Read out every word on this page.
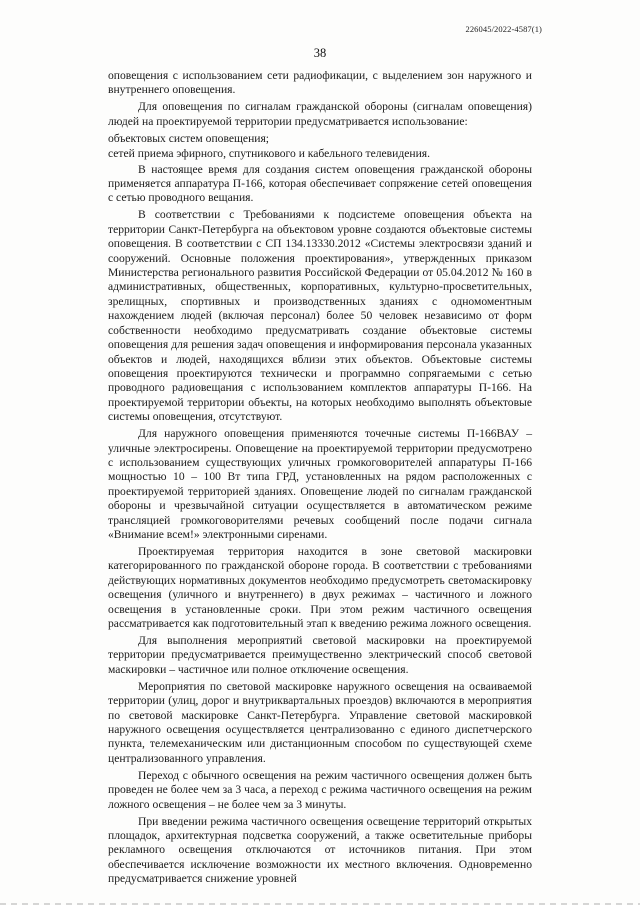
226045/2022-4587(1)
38

оповещения с использованием сети радиофикации, с выделением зон наружного и внутреннего оповещения.

Для оповещения по сигналам гражданской обороны (сигналам оповещения) людей на проектируемой территории предусматривается использование:

объектовых систем оповещения;

сетей приема эфирного, спутникового и кабельного телевидения.

В настоящее время для создания систем оповещения гражданской обороны применяется аппаратура П-166, которая обеспечивает сопряжение сетей оповещения с сетью проводного вещания.

В соответствии с Требованиями к подсистеме оповещения объекта на территории Санкт-Петербурга на объектовом уровне создаются объектовые системы оповещения. В соответствии с СП 134.13330.2012 «Системы электросвязи зданий и сооружений. Основные положения проектирования», утвержденных приказом Министерства регионального развития Российской Федерации от 05.04.2012 № 160 в административных, общественных, корпоративных, культурно-просветительных, зрелищных, спортивных и производственных зданиях с одномоментным нахождением людей (включая персонал) более 50 человек независимо от форм собственности необходимо предусматривать создание объектовые системы оповещения для решения задач оповещения и информирования персонала указанных объектов и людей, находящихся вблизи этих объектов. Объектовые системы оповещения проектируются технически и программно сопрягаемыми с сетью проводного радиовещания с использованием комплектов аппаратуры П-166. На проектируемой территории объекты, на которых необходимо выполнять объектовые системы оповещения, отсутствуют.

Для наружного оповещения применяются точечные системы П-166ВАУ – уличные электросирены. Оповещение на проектируемой территории предусмотрено с использованием существующих уличных громкоговорителей аппаратуры П-166 мощностью 10 – 100 Вт типа ГРД, установленных на рядом расположенных с проектируемой территорией зданиях. Оповещение людей по сигналам гражданской обороны и чрезвычайной ситуации осуществляется в автоматическом режиме трансляцией громкоговорителями речевых сообщений после подачи сигнала «Внимание всем!» электронными сиренами.

Проектируемая территория находится в зоне световой маскировки категорированного по гражданской обороне города. В соответствии с требованиями действующих нормативных документов необходимо предусмотреть светомаскировку освещения (уличного и внутреннего) в двух режимах – частичного и ложного освещения в установленные сроки. При этом режим частичного освещения рассматривается как подготовительный этап к введению режима ложного освещения.

Для выполнения мероприятий световой маскировки на проектируемой территории предусматривается преимущественно электрический способ световой маскировки – частичное или полное отключение освещения.

Мероприятия по световой маскировке наружного освещения на осваиваемой территории (улиц, дорог и внутриквартальных проездов) включаются в мероприятия по световой маскировке Санкт-Петербурга. Управление световой маскировкой наружного освещения осуществляется централизованно с единого диспетчерского пункта, телемеханическим или дистанционным способом по существующей схеме централизованного управления.

Переход с обычного освещения на режим частичного освещения должен быть проведен не более чем за 3 часа, а переход с режима частичного освещения на режим ложного освещения – не более чем за 3 минуты.

При введении режима частичного освещения освещение территорий открытых площадок, архитектурная подсветка сооружений, а также осветительные приборы рекламного освещения отключаются от источников питания. При этом обеспечивается исключение возможности их местного включения. Одновременно предусматривается снижение уровней
